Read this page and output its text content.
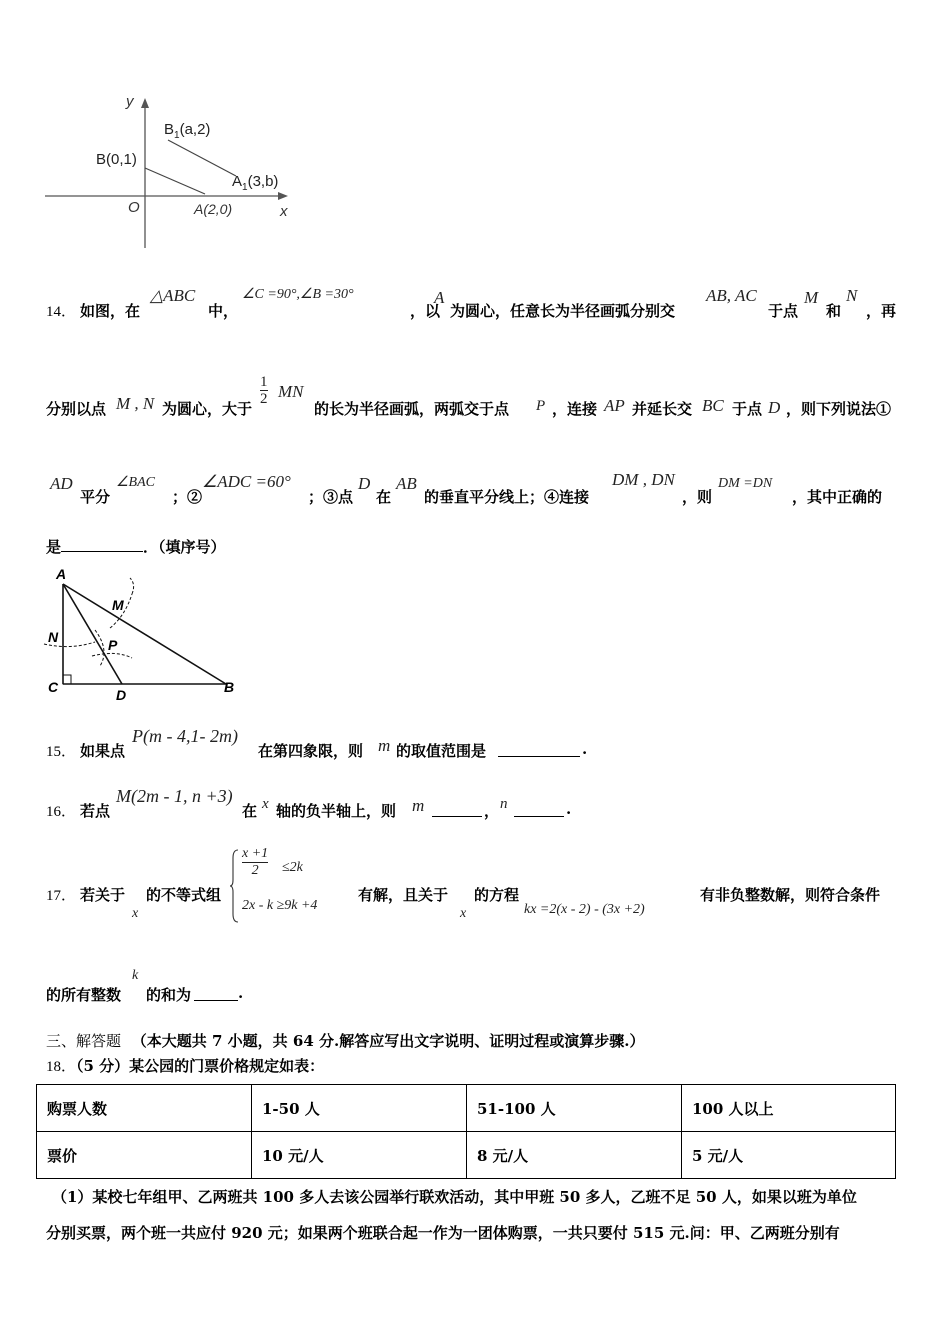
y
x
O
B(0,1)
A(2,0)
$B_1(a,2)$
$A_1(3,b)$
14． 如图，在
△ABC
中，
∠C =90°,∠B =30°
，以
A
为圆心，任意长为半径画弧分别交
AB, AC
于点
M
和
N
，再
分别以点 M , N 为圆心，大于
$\frac{1}{2}$ MN
的长为半径画弧，两弧交于点 P ，连接 AP 并延长交 BC 于点 D ，则下列说法①
AD
平分
∠BAC
；②
∠ADC =60°
；③点
D
在
AB
的垂直平分线上；④连接
DM , DN
，则
DM =DN
，其中正确的
是	．（填序号）
A
M
N	P
C	D	B
15． 如果点
P(m - 4,1- 2m)
在第四象限，则 m 的取值范围是	.
16． 若点
M(2m - 1, n +3)
在 x 轴的负半轴上，则 m	， n	.
17． 若关于
x
的不等式组
$\frac{x +1}{2} \le 2k$
2x - k ≥9k +4
有解，且关于
x
的方程
kx =2(x - 2) - (3x +2)
有非负整数解，则符合条件
的所有整数
k
的和为	.
三、解答题 （本大题共 7 小题，共 64 分.解答应写出文字说明、证明过程或演算步骤.）
18．（5 分）某公园的门票价格规定如表：
购票人数	1-50 人	51-100 人	100 人以上
票价	10 元/人	8 元/人	5 元/人
（1）某校七年组甲、乙两班共 100 多人去该公园举行联欢活动，其中甲班 50 多人，乙班不足 50 人，如果以班为单位
分别买票，两个班一共应付 920 元；如果两个班联合起一作为一团体购票，一共只要付 515 元.问：甲、乙两班分别有
